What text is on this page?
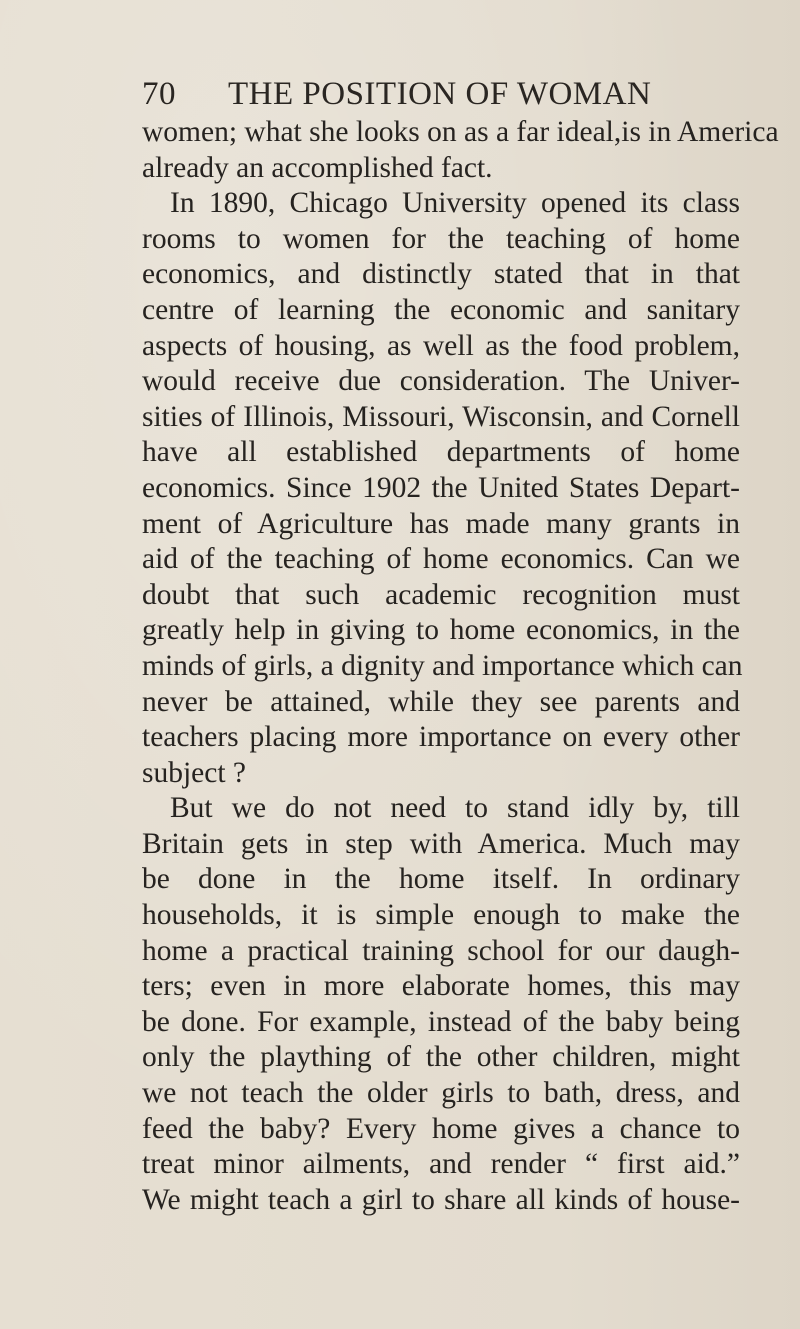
70 THE POSITION OF WOMAN
women; what she looks on as a far ideal,is in America
already an accomplished fact.
In 1890, Chicago University opened its class
rooms to women for the teaching of home
economics, and distinctly stated that in that
centre of learning the economic and sanitary
aspects of housing, as well as the food problem,
would receive due consideration. The Univer-
sities of Illinois, Missouri, Wisconsin, and Cornell
have all established departments of home
economics. Since 1902 the United States Depart-
ment of Agriculture has made many grants in
aid of the teaching of home economics. Can we
doubt that such academic recognition must
greatly help in giving to home economics, in the
minds of girls, a dignity and importance which can
never be attained, while they see parents and
teachers placing more importance on every other
subject ?
But we do not need to stand idly by, till
Britain gets in step with America. Much may
be done in the home itself. In ordinary
households, it is simple enough to make the
home a practical training school for our daugh-
ters; even in more elaborate homes, this may
be done. For example, instead of the baby being
only the plaything of the other children, might
we not teach the older girls to bath, dress, and
feed the baby? Every home gives a chance to
treat minor ailments, and render “ first aid.”
We might teach a girl to share all kinds of house-
